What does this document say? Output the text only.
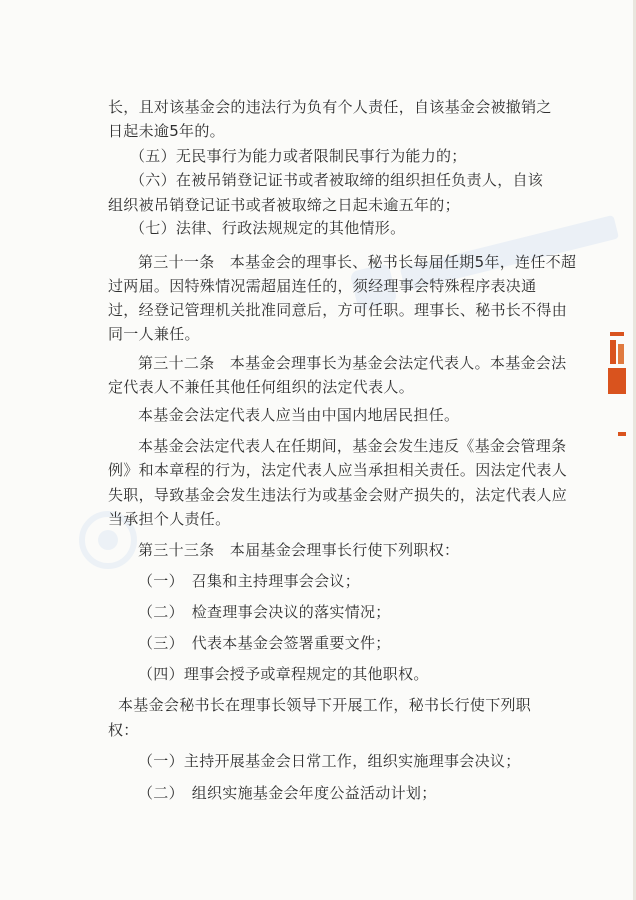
长，且对该基金会的违法行为负有个人责任，自该基金会被撤销之
日起未逾5年的。
（五）无民事行为能力或者限制民事行为能力的；
（六）在被吊销登记证书或者被取缔的组织担任负责人，自该
组织被吊销登记证书或者被取缔之日起未逾五年的；
（七）法律、行政法规规定的其他情形。
第三十一条　本基金会的理事长、秘书长每届任期5年，连任不超
过两届。因特殊情况需超届连任的，须经理事会特殊程序表决通
过，经登记管理机关批准同意后，方可任职。理事长、秘书长不得由
同一人兼任。
第三十二条　本基金会理事长为基金会法定代表人。本基金会法
定代表人不兼任其他任何组织的法定代表人。
本基金会法定代表人应当由中国内地居民担任。
本基金会法定代表人在任期间，基金会发生违反《基金会管理条
例》和本章程的行为，法定代表人应当承担相关责任。因法定代表人
失职，导致基金会发生违法行为或基金会财产损失的，法定代表人应
当承担个人责任。
第三十三条　本届基金会理事长行使下列职权：
（一）　召集和主持理事会会议；
（二）　检查理事会决议的落实情况；
（三）　代表本基金会签署重要文件；
（四）理事会授予或章程规定的其他职权。
本基金会秘书长在理事长领导下开展工作，秘书长行使下列职
权：
（一）主持开展基金会日常工作，组织实施理事会决议；
（二）　组织实施基金会年度公益活动计划；
